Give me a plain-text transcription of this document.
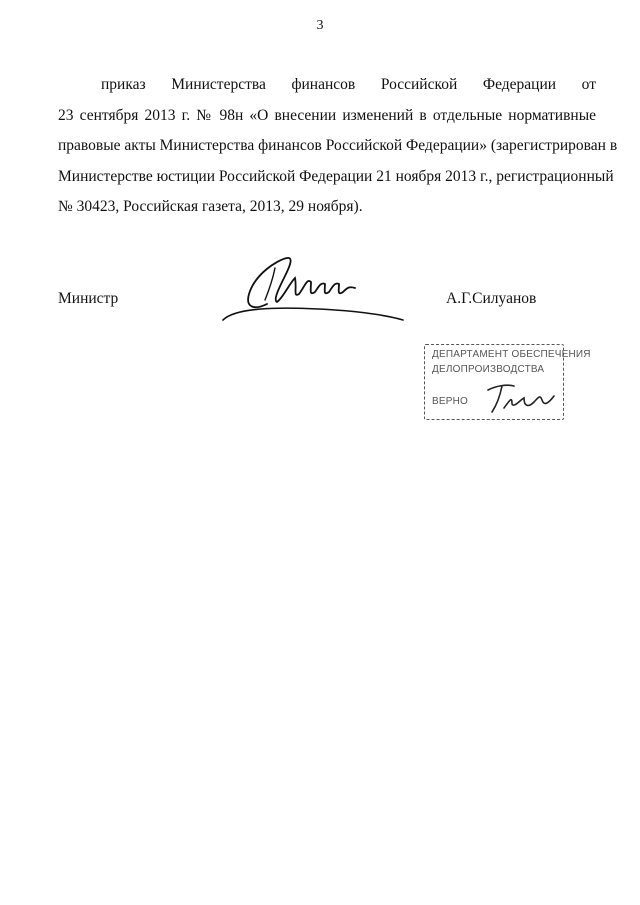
3
приказ Министерства финансов Российской Федерации от
23 сентября 2013 г. № 98н «О внесении изменений в отдельные нормативные
правовые акты Министерства финансов Российской Федерации» (зарегистрирован в
Министерстве юстиции Российской Федерации 21 ноября 2013 г., регистрационный
№ 30423, Российская газета, 2013, 29 ноября).
Министр	А.Г.Силуанов
ДЕПАРТАМЕНТ ОБЕСПЕЧЕНИЯ
ДЕЛОПРОИЗВОДСТВА
ВЕРНО
